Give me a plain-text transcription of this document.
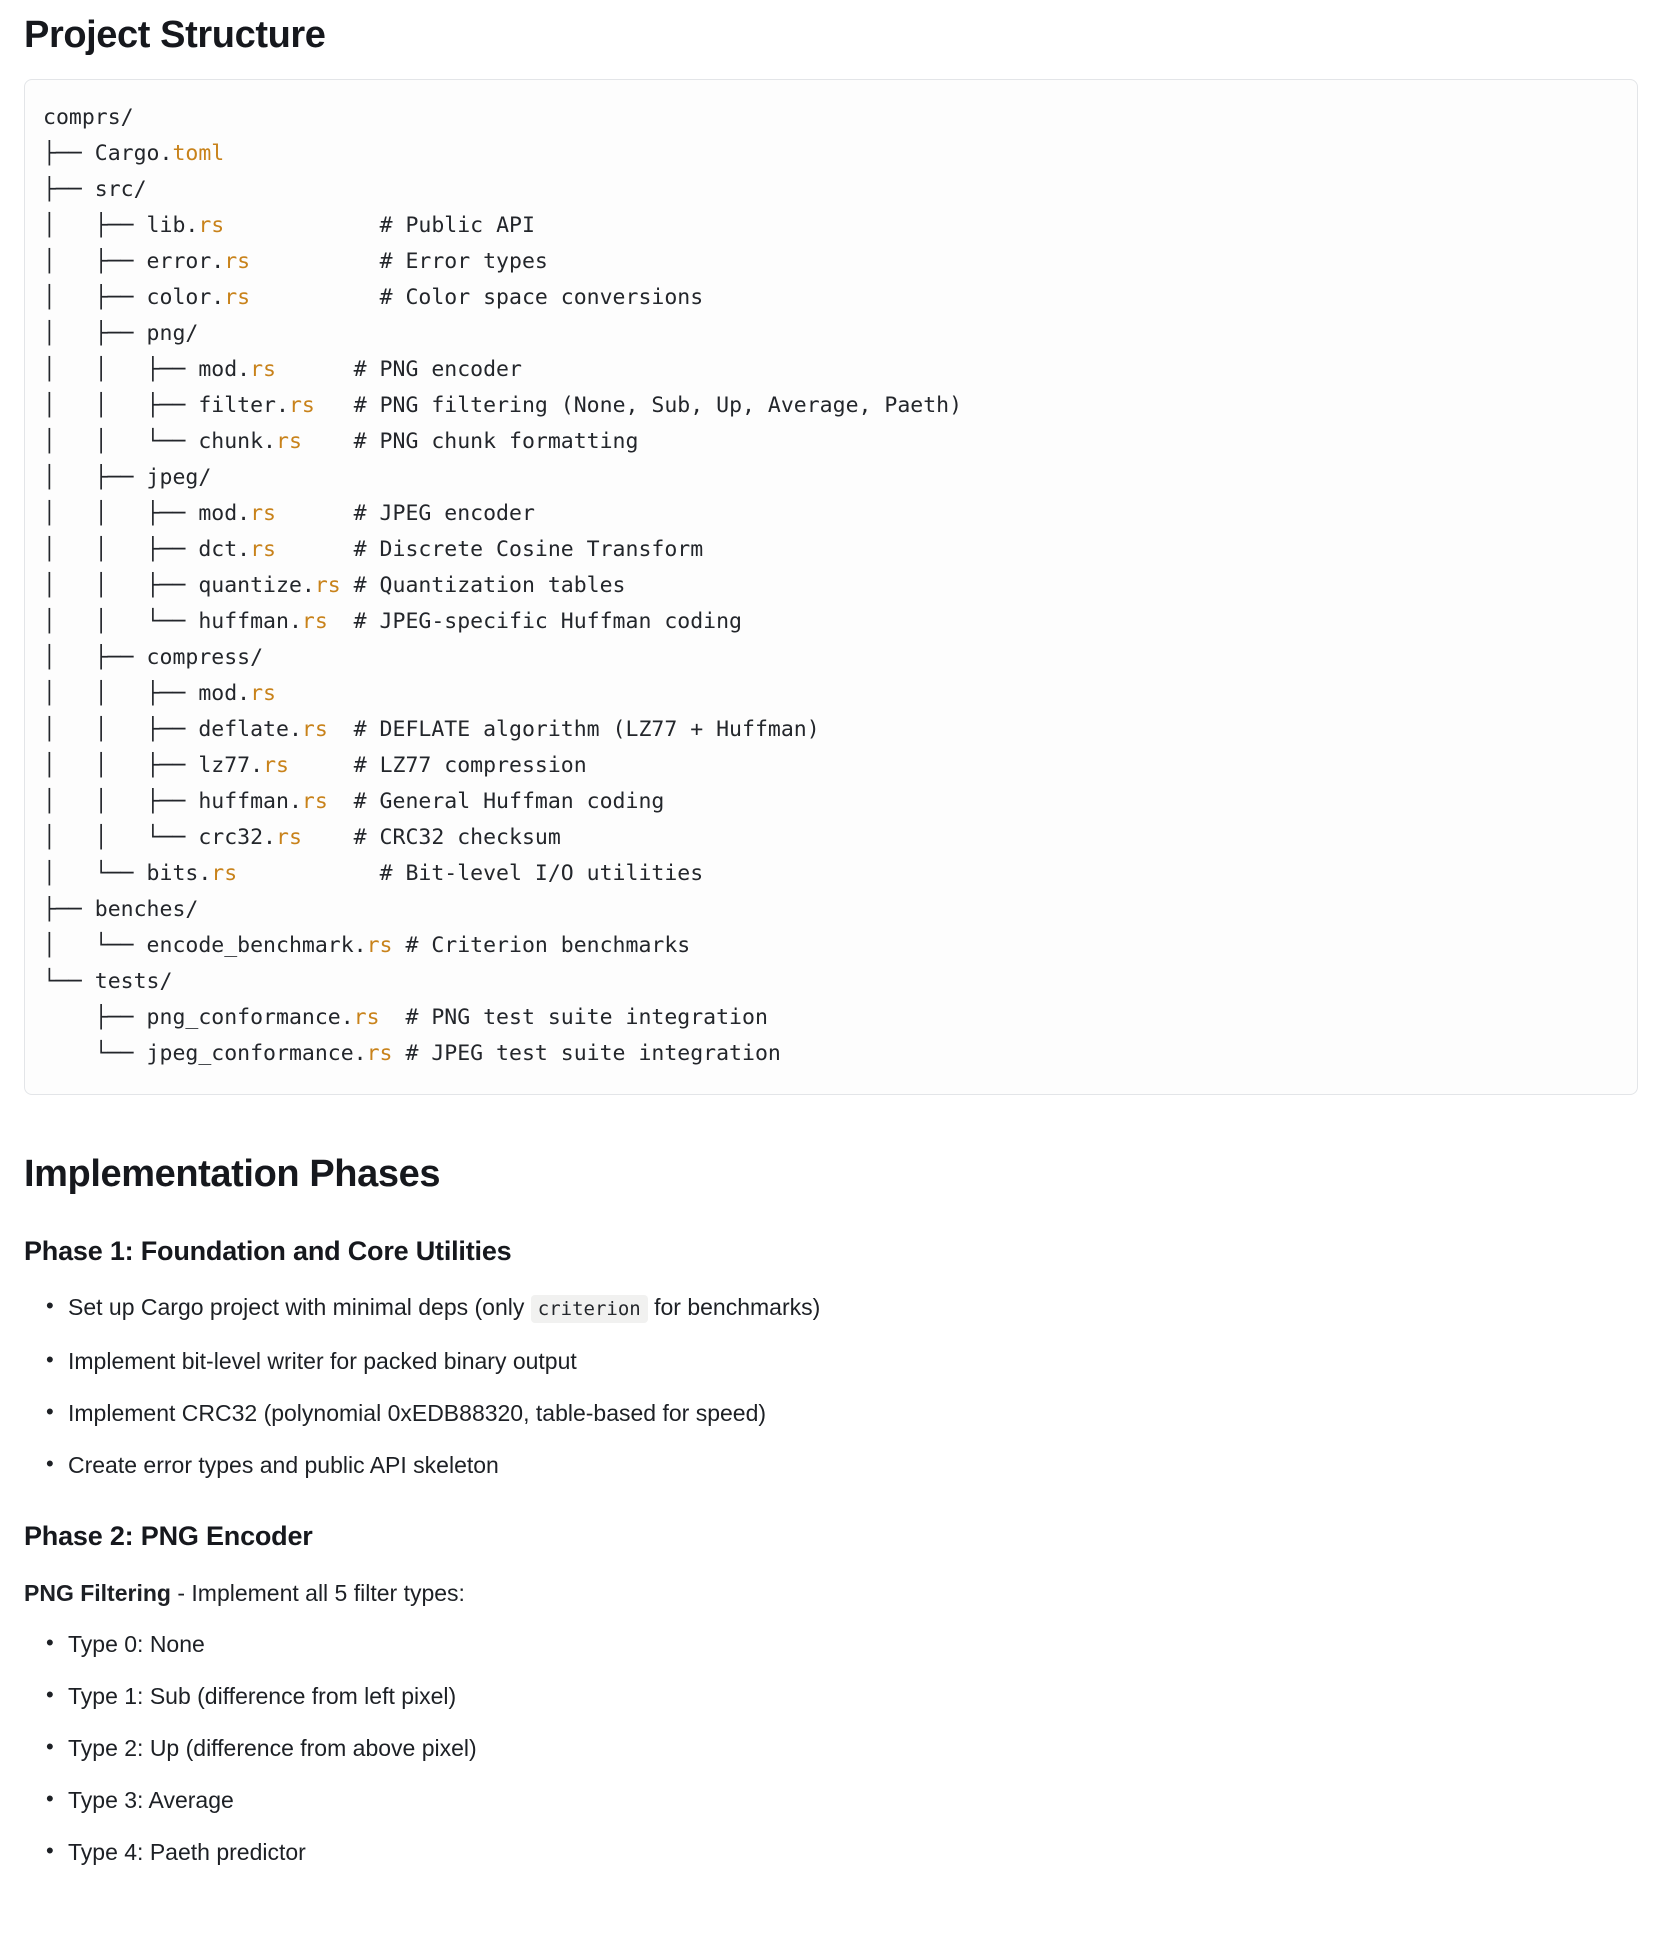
Project Structure
comprs/
├── Cargo.toml
├── src/
│   ├── lib.rs	# Public API
│   ├── error.rs	# Error types
│   ├── color.rs	# Color space conversions
│   ├── png/
│   │   ├── mod.rs	# PNG encoder
│   │   ├── filter.rs # PNG filtering (None, Sub, Up, Average, Paeth)
│   │   └── chunk.rs # PNG chunk formatting
│   ├── jpeg/
│   │   ├── mod.rs	# JPEG encoder
│   │   ├── dct.rs	# Discrete Cosine Transform
│   │   ├── quantize.rs # Quantization tables
│   │   └── huffman.rs # JPEG-specific Huffman coding
│   ├── compress/
│   │   ├── mod.rs
│   │   ├── deflate.rs # DEFLATE algorithm (LZ77 + Huffman)
│   │   ├── lz77.rs	# LZ77 compression
│   │   ├── huffman.rs # General Huffman coding
│   │   └── crc32.rs # CRC32 checksum
│   └── bits.rs	# Bit-level I/O utilities
├── benches/
│   └── encode_benchmark.rs # Criterion benchmarks
└── tests/
├── png_conformance.rs # PNG test suite integration
└── jpeg_conformance.rs # JPEG test suite integration
Implementation Phases
Phase 1: Foundation and Core Utilities
• Set up Cargo project with minimal deps (only criterion for benchmarks)
• Implement bit-level writer for packed binary output
• Implement CRC32 (polynomial 0xEDB88320, table-based for speed)
• Create error types and public API skeleton
Phase 2: PNG Encoder

PNG Filtering - Implement all 5 filter types:

• Type 0: None
• Type 1: Sub (difference from left pixel)
• Type 2: Up (difference from above pixel)
• Type 3: Average
• Type 4: Paeth predictor
